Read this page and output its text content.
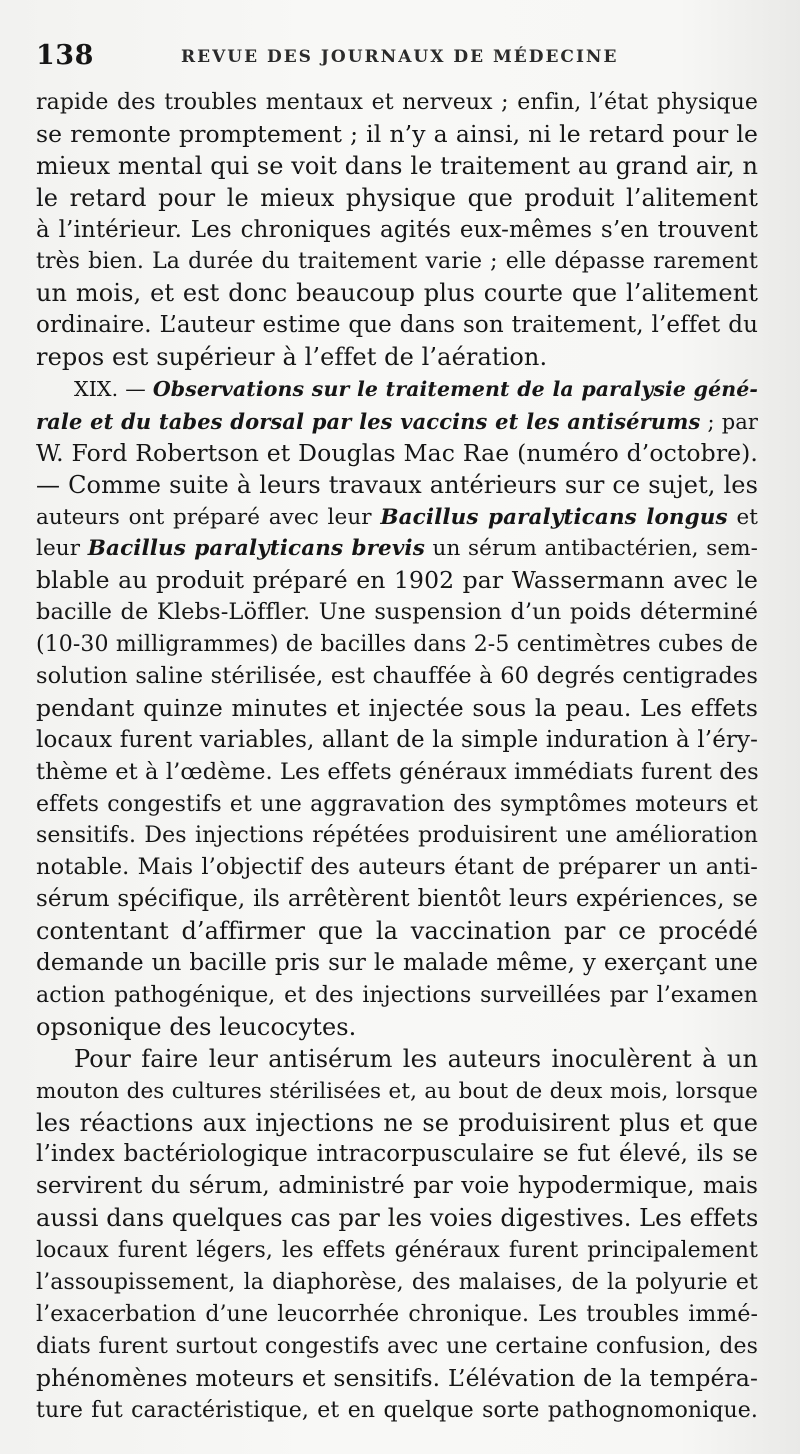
138	REVUE DES JOURNAUX DE MÉDECINE
rapide des troubles mentaux et nerveux ; enfin, l’état physique
se remonte promptement ; il n’y a ainsi, ni le retard pour le
mieux mental qui se voit dans le traitement au grand air, n
le retard pour le mieux physique que produit l’alitement
à l’intérieur. Les chroniques agités eux-mêmes s’en trouvent
très bien. La durée du traitement varie ; elle dépasse rarement
un mois, et est donc beaucoup plus courte que l’alitement
ordinaire. L’auteur estime que dans son traitement, l’effet du
repos est supérieur à l’effet de l’aération.
XIX. — Observations sur le traitement de la paralysie géné-
rale et du tabes dorsal par les vaccins et les antisérums ; par
W. Ford Robertson et Douglas Mac Rae (numéro d’octobre).
— Comme suite à leurs travaux antérieurs sur ce sujet, les
auteurs ont préparé avec leur Bacillus paralyticans longus et
leur Bacillus paralyticans brevis un sérum antibactérien, sem-
blable au produit préparé en 1902 par Wassermann avec le
bacille de Klebs-Löffler. Une suspension d’un poids déterminé
(10-30 milligrammes) de bacilles dans 2-5 centimètres cubes de
solution saline stérilisée, est chauffée à 60 degrés centigrades
pendant quinze minutes et injectée sous la peau. Les effets
locaux furent variables, allant de la simple induration à l’éry-
thème et à l’œdème. Les effets généraux immédiats furent des
effets congestifs et une aggravation des symptômes moteurs et
sensitifs. Des injections répétées produisirent une amélioration
notable. Mais l’objectif des auteurs étant de préparer un anti-
sérum spécifique, ils arrêtèrent bientôt leurs expériences, se
contentant d’affirmer que la vaccination par ce procédé
demande un bacille pris sur le malade même, y exerçant une
action pathogénique, et des injections surveillées par l’examen
opsonique des leucocytes.
Pour faire leur antisérum les auteurs inoculèrent à un
mouton des cultures stérilisées et, au bout de deux mois, lorsque
les réactions aux injections ne se produisirent plus et que
l’index bactériologique intracorpusculaire se fut élevé, ils se
servirent du sérum, administré par voie hypodermique, mais
aussi dans quelques cas par les voies digestives. Les effets
locaux furent légers, les effets généraux furent principalement
l’assoupissement, la diaphorèse, des malaises, de la polyurie et
l’exacerbation d’une leucorrhée chronique. Les troubles immé-
diats furent surtout congestifs avec une certaine confusion, des
phénomènes moteurs et sensitifs. L’élévation de la tempéra-
ture fut caractéristique, et en quelque sorte pathognomonique.
